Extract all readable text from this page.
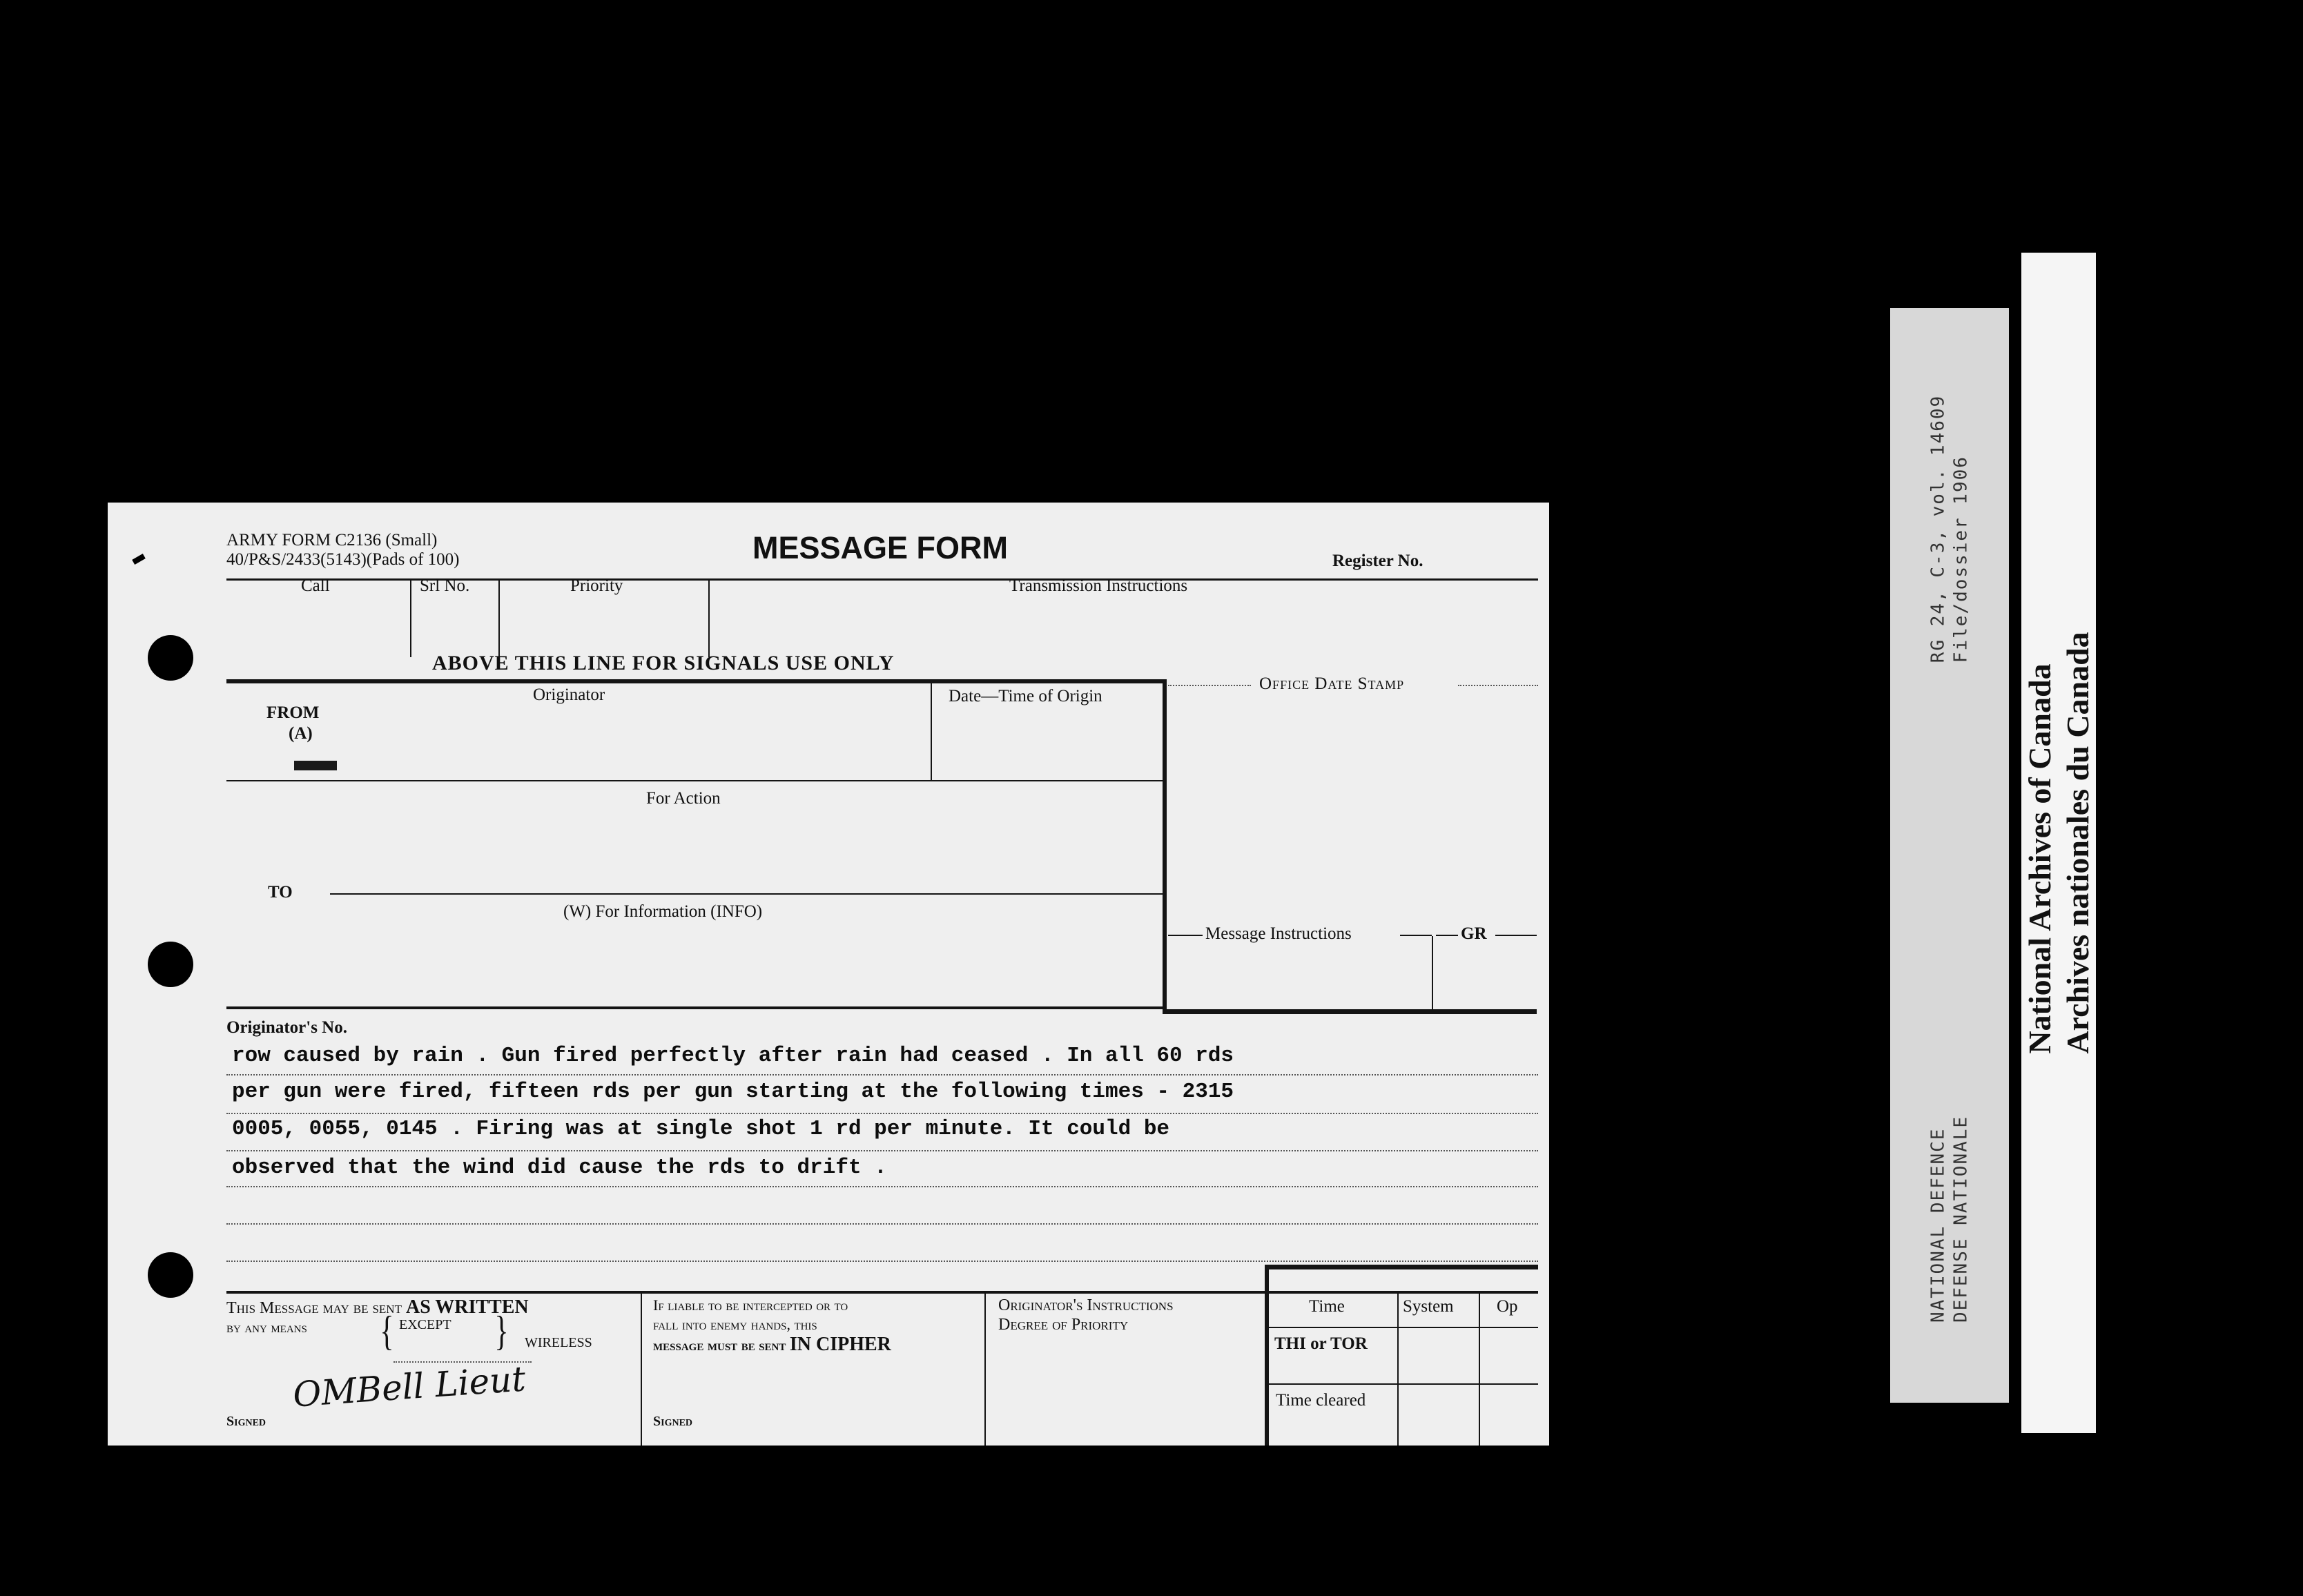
ARMY FORM C2136 (Small)
40/P&S/2433(5143)(Pads of 100)	MESSAGE FORM	Register No.
Call	Srl No.	Priority	Transmission Instructions
ABOVE THIS LINE FOR SIGNALS USE ONLY
FROM
(A)
Originator	Date—Time of Origin
Office Date Stamp
For Action
TO
(W) For Information (INFO)
Message Instructions	GR
Originator's No.
row caused by rain . Gun fired perfectly after rain had ceased . In all 60 rds
per gun were fired, fifteen rds per gun starting at the following times - 2315
0005, 0055, 0145 . Firing was at single shot 1 rd per minute. It could be
observed that the wind did cause the rds to drift .
This Message may be sent AS WRITTEN
by any means { EXCEPT } WIRELESS
OMBell Lieut
Signed
If liable to be intercepted or to
fall into enemy hands, this
message must be sent IN CIPHER
Signed
Originator's Instructions
Degree of Priority
Time	System Op
THI or TOR
Time cleared
RG 24, C-3, vol. 14609 File/dossier 1906
NATIONAL DEFENCE DEFENSE NATIONALE
National Archives of Canada Archives nationales du Canada
